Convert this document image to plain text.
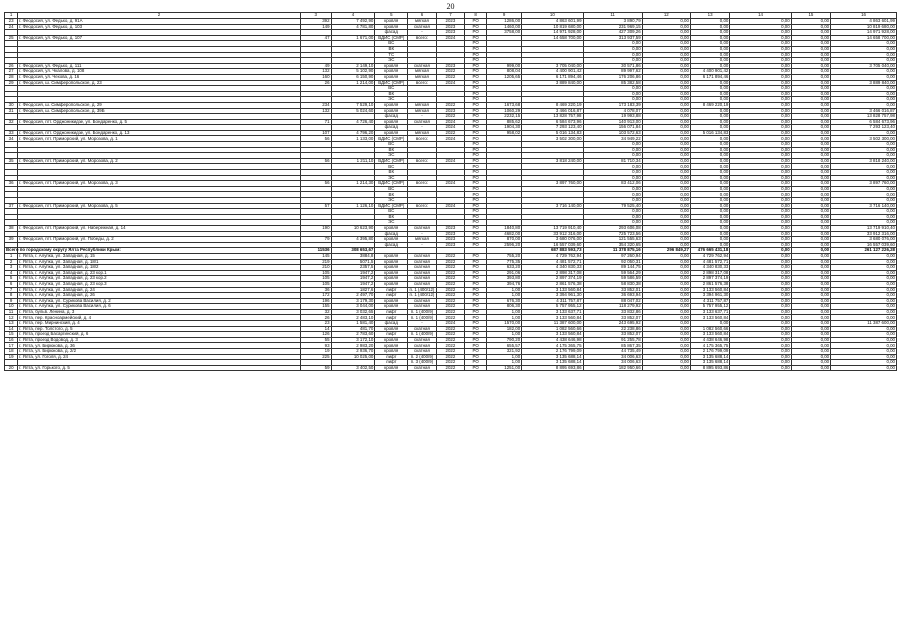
20
1	2	3	4	5	6	7	8	9	10	11	12	13	14	15	16
23	г. Феодосия, ул. Федько, д. 91А	392	7 492,90	кровля	мягкая	2023	РО	1286,00	4 863 601,99	3 890,79	0,00	0,00	0,00	0,00	4 863 601,99
24	г. Феодосия, ул. Федько, д. 103	149	4 781,80	кровля	скатная	2023	РО	1460,00	10 819 680,00	231 969,15	0,00	0,00	0,00	0,00	10 819 680,00
				фасад	-	2023	РО	3758,00	14 971 928,00	427 309,26	0,00	0,00	0,00	0,00	14 971 928,00
25	г. Феодосия, ул. Федько, д. 107	47	1 671,00	ВДИС (СМР)	всего:	2024	РО		14 658 700,00	313 937,59	0,00	0,00	0,00	0,00	14 658 700,00
				ВС			РО			0,00	0,00	0,00	0,00	0,00	0,00
				ВК			РО			0,00	0,00	0,00	0,00	0,00	0,00
				ТС			РО			0,00	0,00	0,00	0,00	0,00	0,00
				ЭС			РО			0,00	0,00	0,00	0,00	0,00	0,00
26	г. Феодосия, ул. Федько, д. 111	49	2 149,10	кровля	скатная	2023	РО	999,00	3 705 040,00	30 571,86	0,00	0,00	0,00	0,00	3 705 040,00
27	г. Феодосия, ул. Чкалова, д. 108	132	5 102,90	кровля	мягкая	2022	РО	808,04	4 400 901,42	89 997,62	0,00	4 400 901,42	0,00	0,00	0,00
28	г. Феодосия, ул. Чехова, д. 16	160	6 150,90	кровля	мягкая	2022	РО	1205,65	6 171 894,46	176 206,86	0,00	6 171 894,46	0,00	0,00	0,00
29	г. Феодосия, ш. Симферопольское, д. 23	26	1 214,00	ВДИС (СМР)	всего:	2024	РО		3 889 840,00	85 382,58	0,00	0,00	0,00	0,00	3 889 840,00
				ВС			РО			0,00	0,00	0,00	0,00	0,00	0,00
				ВК			РО			0,00	0,00	0,00	0,00	0,00	0,00
				ЭС			РО			0,00	0,00	0,00	0,00	0,00	0,00
30	г. Феодосия, ш. Симферопольское, д. 29	234	7 529,10	кровля	мягкая	2022	РО	1673,68	8 469 220,19	173 183,39	0,00	8 469 220,19	0,00	0,00	0,00
31	г. Феодосия, ш. Симферопольское, д. 39Б	132	5 024,60	кровля	мягкая	2023	РО	1060,29	3 466 016,87	4 078,07	0,00	0,00	0,00	0,00	3 466 016,87
				фасад	-	2022	РО	2232,15	13 828 757,98	19 993,88	0,00	0,00	0,00	0,00	13 828 757,98
32	г. Феодосия, пгт. Орджоникидзе, ул. Бондаренко, д. 5	71	4 726,40	кровля	скатная	2024	РО	885,62	6 584 673,96	140 913,00	0,00	0,00	0,00	0,00	6 584 673,96
				фасад	-	2024	РО	1904,30	7 293 123,40	156 071,84	0,00	0,00	0,00	0,00	7 293 123,40
33	г. Феодосия, пгт. Орджоникидзе, ул. Бондаренко, д. 13	107	4 796,20	кровля	мягкая	2022	РО	958,02	5 016 134,83	103 572,63	0,00	5 016 134,83	0,00	0,00	0,00
34	г. Феодосия, пгт. Приморский, ул. Морозова, д. 1	56	1 133,00	ВДИС (СМР)	всего:	2024	РО		3 502 300,00	34 949,22	0,00	0,00	0,00	0,00	3 502 300,00
				ВС			РО			0,00	0,00	0,00	0,00	0,00	0,00
				ВК			РО			0,00	0,00	0,00	0,00	0,00	0,00
				ЭС			РО			0,00	0,00	0,00	0,00	0,00	0,00
35	г. Феодосия, пгт. Приморский, ул. Морозова, д. 2	56	1 211,10	ВДИС (СМР)	всего:	2024	РО		3 818 240,00	81 710,34	0,00	0,00	0,00	0,00	3 818 240,00
				ВС			РО			0,00	0,00	0,00	0,00	0,00	0,00
				ВК			РО			0,00	0,00	0,00	0,00	0,00	0,00
				ЭС			РО			0,00	0,00	0,00	0,00	0,00	0,00
36	г. Феодосия, пгт. Приморский, ул. Морозова, д. 3	56	1 214,30	ВДИС (СМР)	всего:	2024	РО		3 897 760,00	83 412,06	0,00	0,00	0,00	0,00	3 897 760,00
				ВС			РО			0,00	0,00	0,00	0,00	0,00	0,00
				ВК			РО			0,00	0,00	0,00	0,00	0,00	0,00
				ЭС			РО			0,00	0,00	0,00	0,00	0,00	0,00
37	г. Феодосия, пгт. Приморский, ул. Морозова, д. 5	57	1 126,10	ВДИС (СМР)	всего:	2024	РО		3 716 140,00	79 525,40	0,00	0,00	0,00	0,00	3 716 140,00
				ВС			РО			0,00	0,00	0,00	0,00	0,00	0,00
				ВК			РО			0,00	0,00	0,00	0,00	0,00	0,00
				ЭС			РО			0,00	0,00	0,00	0,00	0,00	0,00
38	г. Феодосия, пгт. Приморский, ул. Набережная, д. 14	190	10 623,90	кровля	скатная	2023	РО	1840,80	13 719 910,40	293 606,08	0,00	0,00	0,00	0,00	13 719 910,40
				фасад	-	2023	РО	4682,00	33 912 316,00	725 723,56	0,00	0,00	0,00	0,00	33 912 316,00
39	г. Феодосия, пгт. Приморский, ул. Победы, д. 2	79	4 395,80	кровля	мягкая	2023	РО	870,00	3 680 076,00	121 555,63	0,00	0,00	0,00	0,00	3 680 076,00
				фасад	-	2023	РО	2596,20	16 557 039,60	354 320,65	0,00	0,00	0,00	0,00	16 557 039,60
Всего по городскому округу Ялта Республики Крым:		11536	308 653,67						687 883 593,73	11 378 875,16	296 849,27	476 665 431,18	0,00	0,00	261 127 226,28
1	г. Ялта, г. Алупка, ул. Западная, д. 15	145	3884,8	кровля	скатная	2022	РО	755,20	4 729 762,94	97 260,94	0,00	4 729 762,94	0,00	0,00	0,00
2	г. Ялта, г. Алупка, ул. Западная, д. 18/1	219	5071,5	кровля	скатная	2022	РО	775,35	4 481 572,71	92 050,31	0,00	4 481 572,71	0,00	0,00	0,00
3	г. Ялта, г. Алупка, ул. Западная, д. 18/2	210	2357,5	кровля	скатная	2022	РО	633,20	4 340 830,33	89 144,75	0,00	4 340 830,33	0,00	0,00	0,00
4	г. Ялта, г. Алупка, ул. Западная, д. 23 кор.1	105	1947,2	кровля	скатная	2022	РО	291,06	2 898 317,08	59 564,29	0,00	2 898 317,08	0,00	0,00	0,00
5	г. Ялта, г. Алупка, ул. Западная, д. 23 кор.2	105	1947,2	кровля	скатная	2022	РО	393,80	2 897 374,19	59 586,59	0,00	2 897 374,19	0,00	0,00	0,00
6	г. Ялта, г. Алупка, ул. Западная, д. 23 кор.3	105	1947,2	кровля	скатная	2022	РО	394,76	2 861 576,38	58 830,38	0,00	2 861 576,38	0,00	0,00	0,00
7	г. Ялта, г. Алупка, ул. Западная, д. 24	36	1827,6	лифт	п. 1 (400/12)	2022	РО	1,00	3 133 560,84	33 852,01	0,00	3 133 560,84	0,00	0,00	0,00
8	г. Ялта, г. Алупка, ул. Западная, д. 26	172	2 497,70	лифт	п. 1 (400/12)	2022	РО	1,00	3 394 961,30	36 693,94	0,00	3 394 961,30	0,00	0,00	0,00
9	г. Ялта, г. Алупка, ул. Сурикова Василия, д. 2	196	3 179,30	кровля	скатная	2022	РО	676,30	4 311 757,87	88 047,02	0,00	4 311 757,87	0,00	0,00	0,00
10	г. Ялта, г. Алупка, ул. Сурикова Василия, д. 6	155	3 044,00	кровля	скатная	2022	РО	806,30	5 757 955,12	118 279,92	0,00	5 757 955,12	0,00	0,00	0,00
11	г. Ялта, бульв. Ленина, д. 3	32	3 032,65	лифт	п. 1 (400/9)	2022	РО	1,00	3 133 637,71	33 832,86	0,00	3 133 637,71	0,00	0,00	0,00
12	г. Ялта, пер. Красноармейский, д. 4	26	2 483,10	лифт	п. 1 (400/9)	2022	РО	1,00	3 133 560,84	33 852,07	0,00	3 133 560,84	0,00	0,00	0,00
13	г. Ялта, пер. Мирнинский, д. 4	23	1 581,40	фасад	-	2024	РО	1570,00	11 387 600,00	243 695,92	0,00	0,00	0,00	0,00	11 387 600,00
14	г. Ялта, пер. Толстого, д. 5	14	481,70	кровля	скатная	2022	РО	182,00	1 082 560,66	22 238,86	0,00	1 082 560,66	0,00	0,00	0,00
15	г. Ялта, проезд Басаргинский, д. 6	126	2 783,60	лифт	п. 1 (400/9)	2022	РО	1,00	3 133 560,84	33 852,07	0,00	3 133 560,84	0,00	0,00	0,00
16	г. Ялта, проезд Водовод, д. 3	55	3 172,10	кровля	скатная	2022	РО	790,20	4 438 646,98	91 255,78	0,00	4 438 646,98	0,00	0,00	0,00
17	г. Ялта, ул. Бирюкова, д. 36	93	2 983,20	кровля	скатная	2022	РО	655,57	4 175 365,75	85 867,35	0,00	4 175 365,75	0,00	0,00	0,00
18	г. Ялта, ул. Бирюкова, д. 2/2	19	2 936,70	кровля	скатная	2022	РО	321,92	2 176 799,09	44 735,49	0,00	2 176 799,09	0,00	0,00	0,00
19	г. Ялта, ул. Гоголя, д. 24	225	10 025,00	лифт	п. 2 (400/9)	2022	РО	1,00	3 135 688,14	34 006,63	0,00	3 135 688,14	0,00	0,00	0,00
				лифт	п. 3 (400/9)	2022	РО	1,00	3 135 688,14	34 006,63	0,00	3 135 688,14	0,00	0,00	0,00
20	г. Ялта, ул. Горького, д. 5	59	3 402,50	кровля	скатная	2022	РО	1251,00	8 895 693,86	182 950,66	0,00	8 895 693,86	0,00	0,00	0,00
